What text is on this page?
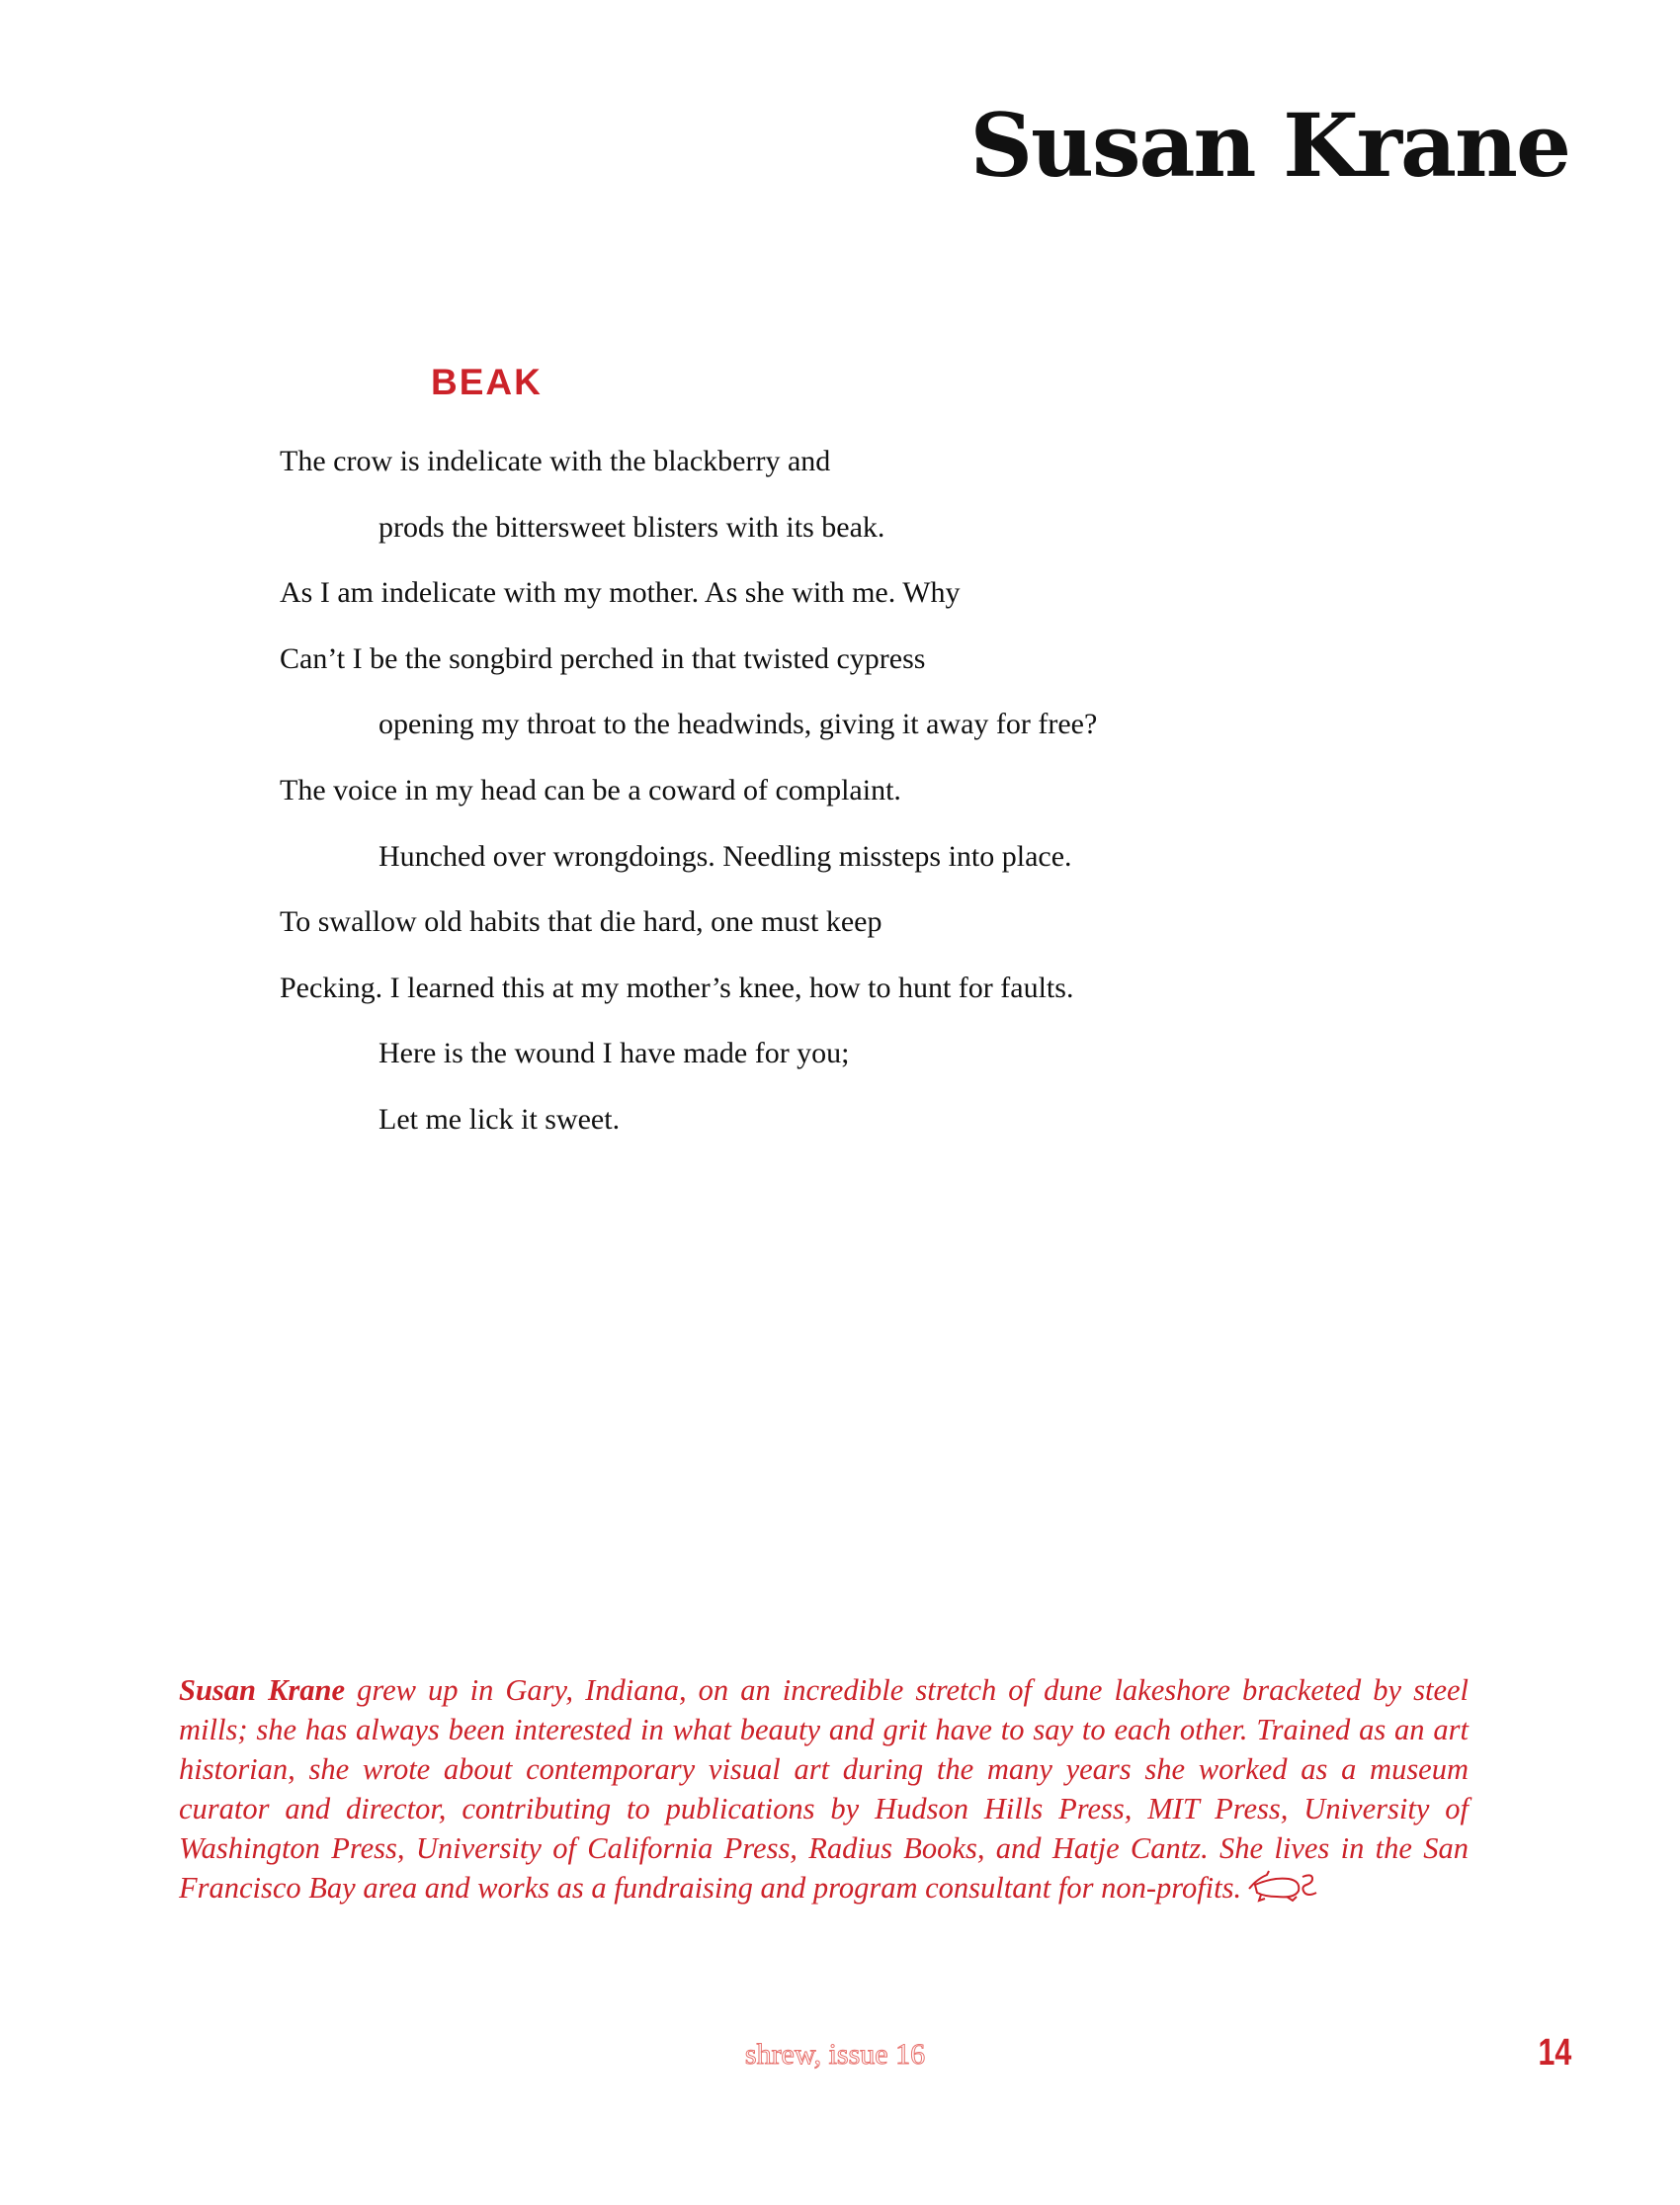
Susan Krane
BEAK
The crow is indelicate with the blackberry and
prods the bittersweet blisters with its beak.
As I am indelicate with my mother. As she with me. Why
Can’t I be the songbird perched in that twisted cypress
opening my throat to the headwinds, giving it away for free?
The voice in my head can be a coward of complaint.
Hunched over wrongdoings. Needling missteps into place.
To swallow old habits that die hard, one must keep
Pecking. I learned this at my mother’s knee, how to hunt for faults.
Here is the wound I have made for you;
Let me lick it sweet.

Susan Krane grew up in Gary, Indiana, on an incredible stretch of dune lakeshore bracketed by steel mills; she has always been interested in what beauty and grit have to say to each other. Trained as an art historian, she wrote about contemporary visual art during the many years she worked as a museum curator and director, contributing to publications by Hudson Hills Press, MIT Press, University of Washington Press, University of California Press, Radius Books, and Hatje Cantz. She lives in the San Francisco Bay area and works as a fundraising and program consultant for non-profits.

shrew, issue 16	14
